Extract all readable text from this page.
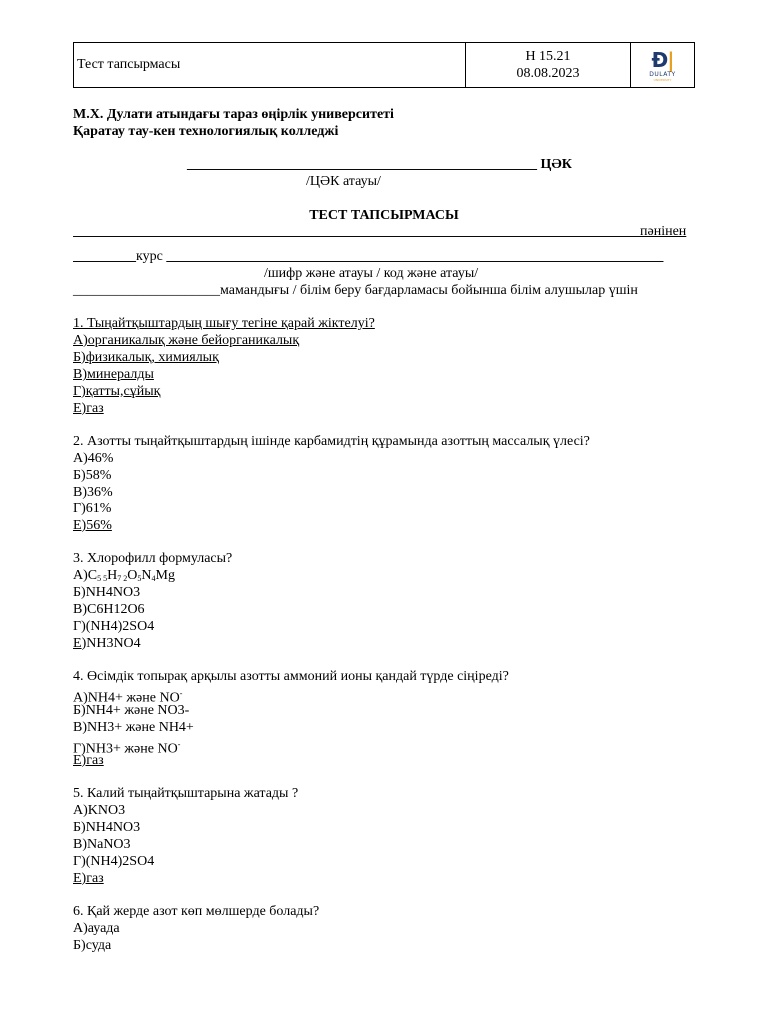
Тест тапсырмасы
Н 15.21
08.08.2023
Ð|
DULATY
UNIVERSITY
М.Х. Дулати атындағы тараз өңірлік университеті
Қаратау тау-кен технологиялық колледжі
__________________________________________________ ЦӘК
/ЦӘК атауы/
ТЕСТ ТАПСЫРМАСЫ
_________________________________________________________________________________пәнінен
_________курс _______________________________________________________________________
/шифр және атауы / код және атауы/
_____________________мамандығы / білім беру бағдарламасы бойынша білім алушылар үшін
1. Тыңайтқыштардың шығу тегіне қарай жіктелуі?
А)органикалық және бейорганикалық
Б)физикалық, химиялық
В)минералды
Г)қатты,сұйық
Е)газ
2. Азотты тыңайтқыштардың ішінде карбамидтің құрамында азоттың массалық үлесі?
А)46%
Б)58%
В)36%
Г)61%
Е)56%
3. Хлорофилл формуласы?
$А)C_{5 5}H_{7 2}O_5N_4Mg$
Б)NH4NO3
В)C6H12O6
Г)(NH4)2SO4
Е)NH3NO4
4. Өсімдік топырақ арқылы азотты аммоний ионы қандай түрде сіңіреді?
А)NH4+ және NO-
Б)NH4+ және NO3-
В)NH3+ және NH4+
Г)NH3+ және NO-
Е)газ
5. Калий тыңайтқыштарына жатады ?
А)KNO3
Б)NH4NO3
В)NaNO3
Г)(NH4)2SO4
Е)газ
6. Қай жерде азот көп мөлшерде болады?
А)ауада
Б)суда
